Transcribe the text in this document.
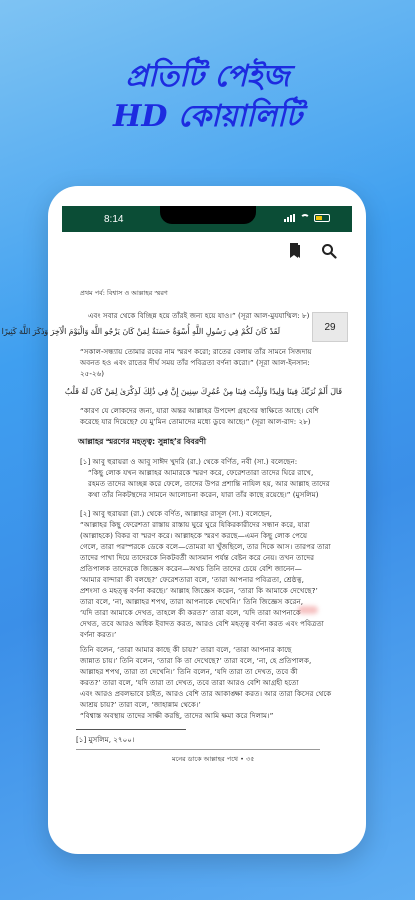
প্রতিটি পেইজ
HD কোয়ালিটি
8:14
প্রথম পর্ব: বিশ্বাস ও আল্লাহর স্মরণ
এবং সবার থেকে বিচ্ছিন্ন হয়ে তাঁরই জন্য হয়ে যাও।” (সূরা আল-মুযযাম্মিল: ৮)
لَقَدْ كَانَ لَكُمْ فِي رَسُولِ اللَّهِ أُسْوَةٌ حَسَنَةٌ لِمَنْ كَانَ يَرْجُو اللَّهَ وَالْيَوْمَ الْآخِرَ وَذَكَرَ اللَّهَ كَثِيرًا
“সকাল-সন্ধ্যায় তোমার রবের নাম স্মরণ করো; রাতের বেলায় তাঁর সামনে সিজদায়
অবনত হও এবং রাতের দীর্ঘ সময় তাঁর পবিত্রতা বর্ণনা করো।” (সূরা আল-ইনসান:
২৫-২৬)
قَالَ أَلَمْ نُرَبِّكَ فِينَا وَلِيدًا وَلَبِثْتَ فِينَا مِنْ عُمُرِكَ سِنِينَ إِنَّ فِي ذَٰلِكَ لَذِكْرَىٰ لِمَنْ كَانَ لَهُ قَلْبٌ
“কারণ যে লোকদের জন্য, যারা অন্তর আল্লাহর উপদেশ গ্রহণের স্বাক্ষিতে আছে। বেশি
করেছে যার দিয়েছে? যে মু’মিন তোমাদের মধ্যে ডুবে আছে।” (সূরা আল-রাদ: ২৮)
আল্লাহর স্মরণের মহত্ত্ব: সুন্নাহ’র বিবরণী
[১] আবু হুরায়রা ও আবু সাঈদ খুদরি (রা.) থেকে বর্ণিত, নবী (সা.) বলেছেন:
“কিছু লোক যখন আল্লাহর আমারকে স্মরণ করে, ফেরেশতারা তাদের ঘিরে রাখে,
রহমত তাদের আচ্ছন্ন করে ফেলে, তাদের উপর প্রশান্তি নাযিল হয়, আর আল্লাহ তাদের
কথা তাঁর নিকটস্থদের সামনে আলোচনা করেন, যারা তাঁর কাছে রয়েছে।” (মুসলিম)
[২] আবু হুরায়রা (রা.) থেকে বর্ণিত, আল্লাহর রাসূল (সা.) বলেছেন,
“আল্লাহর কিছু ফেরেশতা রাস্তায় রাস্তায় ঘুরে ঘুরে যিকিরকারীদের সন্ধান করে, যারা
(আল্লাহকে) বিকর বা স্মরণ করে। আল্লাহকে স্মরণ করছে—এমন কিছু লোক পেয়ে
গেলে, তারা পরস্পরকে ডেকে বলে—তোমরা যা খুঁজছিলে, তার দিকে আস। তারপর তারা
তাদের পাখা দিয়ে তাদেরকে নিকটবর্তী আসমান পর্যন্ত বেষ্টন করে নেয়। তখন তাদের
প্রতিপালক তাদেরকে জিজ্ঞেস করেন—অথচ তিনি তাদের চেয়ে বেশি জানেন—
‘আমার বান্দারা কী বলছে?’ ফেরেশতারা বলে, ‘তারা আপনার পবিত্রতা, শ্রেষ্ঠত্ব,
প্রশংসা ও মহত্ত্ব বর্ণনা করছে।’ আল্লাহ জিজ্ঞেস করেন, ‘তারা কি আমাকে দেখেছে?’
তারা বলে, ‘না, আল্লাহর শপথ, তারা আপনাকে দেখেনি।’ তিনি জিজ্ঞেস করেন,
‘যদি তারা আমাকে দেখত, তাহলে কী করত?’ তারা বলে, ‘যদি তারা আপনাকে
দেখত, তবে আরও অধিক ইবাদত করত, আরও বেশি মহত্ত্ব বর্ণনা করত এবং পবিত্রতা
বর্ণনা করত।’
তিনি বলেন, ‘তারা আমার কাছে কী চায়?’ তারা বলে, ‘তারা আপনার কাছে
জান্নাত চায়।’ তিনি বলেন, ‘তারা কি তা দেখেছে?’ তারা বলে, ‘না, হে প্রতিপালক,
আল্লাহর শপথ, তারা তা দেখেনি।’ তিনি বলেন, ‘যদি তারা তা দেখত, তবে কী
করত?’ তারা বলে, ‘যদি তারা তা দেখত, তবে তারা আরও বেশি আগ্রহী হতো
এবং আরও প্রবলভাবে চাইত, আরও বেশি তার আকাঙ্ক্ষা করত। আর তারা কিসের থেকে
আশ্রয় চায়?’ তারা বলে, ‘জাহান্নাম থেকে।’
“বিশ্বাস্ত অবস্থায় তাদের সাক্ষী করছি, তাদের আমি ক্ষমা করে দিলাম।”
[১] মুসলিম, ২৭০০।
মনের ডাকে আল্লাহর পথে • ৩৫
29
